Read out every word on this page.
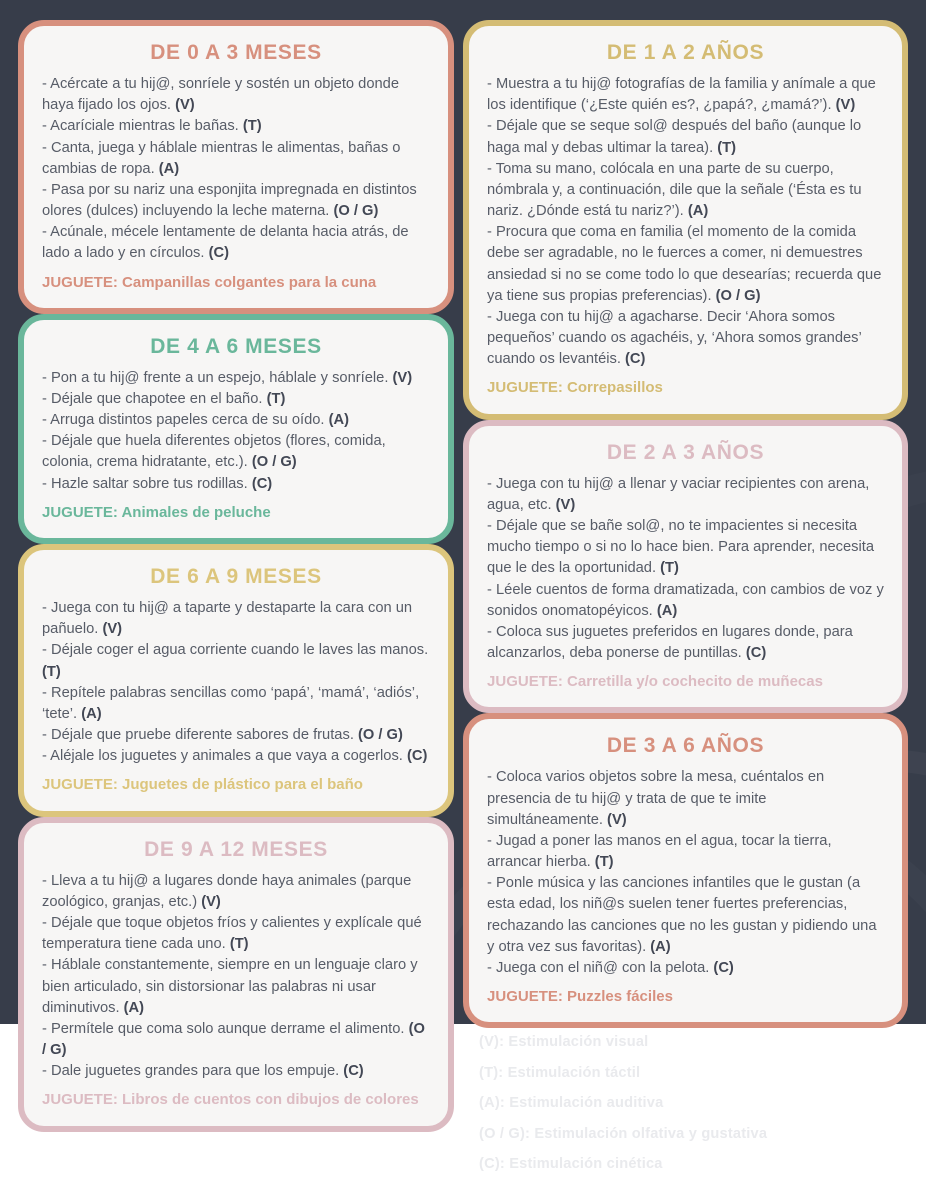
DE 0 A 3 MESES

- Acércate a tu hij@, sonríele y sostén un objeto donde haya fijado los ojos. (V)

- Acaríciale mientras le bañas. (T)

- Canta, juega y háblale mientras le alimentas, bañas o cambias de ropa. (A)

- Pasa por su nariz una esponjita impregnada en distintos olores (dulces) incluyendo la leche materna. (O / G)

- Acúnale, mécele lentamente de delanta hacia atrás, de lado a lado y en círculos. (C)

JUGUETE: Campanillas colgantes para la cuna

DE 4 A 6 MESES

- Pon a tu hij@ frente a un espejo, háblale y sonríele. (V)

- Déjale que chapotee en el baño. (T)

- Arruga distintos papeles cerca de su oído. (A)

- Déjale que huela diferentes objetos (flores, comida, colonia, crema hidratante, etc.). (O / G)

- Hazle saltar sobre tus rodillas. (C)

JUGUETE: Animales de peluche

DE 6 A 9 MESES

- Juega con tu hij@ a taparte y destaparte la cara con un pañuelo. (V)

- Déjale coger el agua corriente cuando le laves las manos. (T)

- Repítele palabras sencillas como ‘papá’, ‘mamá’, ‘adiós’, ‘tete’. (A)

- Déjale que pruebe diferente sabores de frutas. (O / G)

- Aléjale los juguetes y animales a que vaya a cogerlos. (C)

JUGUETE: Juguetes de plástico para el baño

DE 9 A 12 MESES

- Lleva a tu hij@ a lugares donde haya animales (parque zoológico, granjas, etc.) (V)

- Déjale que toque objetos fríos y calientes y explícale qué temperatura tiene cada uno. (T)

- Háblale constantemente, siempre en un lenguaje claro y bien articulado, sin distorsionar las palabras ni usar diminutivos. (A)

- Permítele que coma solo aunque derrame el alimento. (O / G)

- Dale juguetes grandes para que los empuje. (C)

JUGUETE: Libros de cuentos con dibujos de colores

DE 1 A 2 AÑOS

- Muestra a tu hij@ fotografías de la familia y anímale a que los identifique (‘¿Este quién es?, ¿papá?, ¿mamá?’). (V)

- Déjale que se seque sol@ después del baño (aunque lo haga mal y debas ultimar la tarea). (T)

- Toma su mano, colócala en una parte de su cuerpo, nómbrala y, a continuación, dile que la señale (‘Ésta es tu nariz. ¿Dónde está tu nariz?’). (A)

- Procura que coma en familia (el momento de la comida debe ser agradable, no le fuerces a comer, ni demuestres ansiedad si no se come todo lo que desearías; recuerda que ya tiene sus propias preferencias). (O / G)

- Juega con tu hij@ a agacharse. Decir ‘Ahora somos pequeños’ cuando os agachéis, y, ‘Ahora somos grandes’ cuando os levantéis. (C)

JUGUETE: Correpasillos

DE 2 A 3 AÑOS

- Juega con tu hij@ a llenar y vaciar recipientes con arena, agua, etc. (V)

- Déjale que se bañe sol@, no te impacientes si necesita mucho tiempo o si no lo hace bien. Para aprender, necesita que le des la oportunidad. (T)

- Léele cuentos de forma dramatizada, con cambios de voz y sonidos onomatopéyicos. (A)

- Coloca sus juguetes preferidos en lugares donde, para alcanzarlos, deba ponerse de puntillas. (C)

JUGUETE: Carretilla y/o cochecito de muñecas

DE 3 A 6 AÑOS

- Coloca varios objetos sobre la mesa, cuéntalos en presencia de tu hij@ y trata de que te imite simultáneamente. (V)

- Jugad a poner las manos en el agua, tocar la tierra, arrancar hierba. (T)

- Ponle música y las canciones infantiles que le gustan (a esta edad, los niñ@s suelen tener fuertes preferencias, rechazando las canciones que no les gustan y pidiendo una y otra vez sus favoritas). (A)

- Juega con el niñ@ con la pelota. (C)

JUGUETE: Puzzles fáciles

(V): Estimulación visual

(T): Estimulación táctil

(A): Estimulación auditiva

(O / G): Estimulación olfativa y gustativa

(C): Estimulación cinética
